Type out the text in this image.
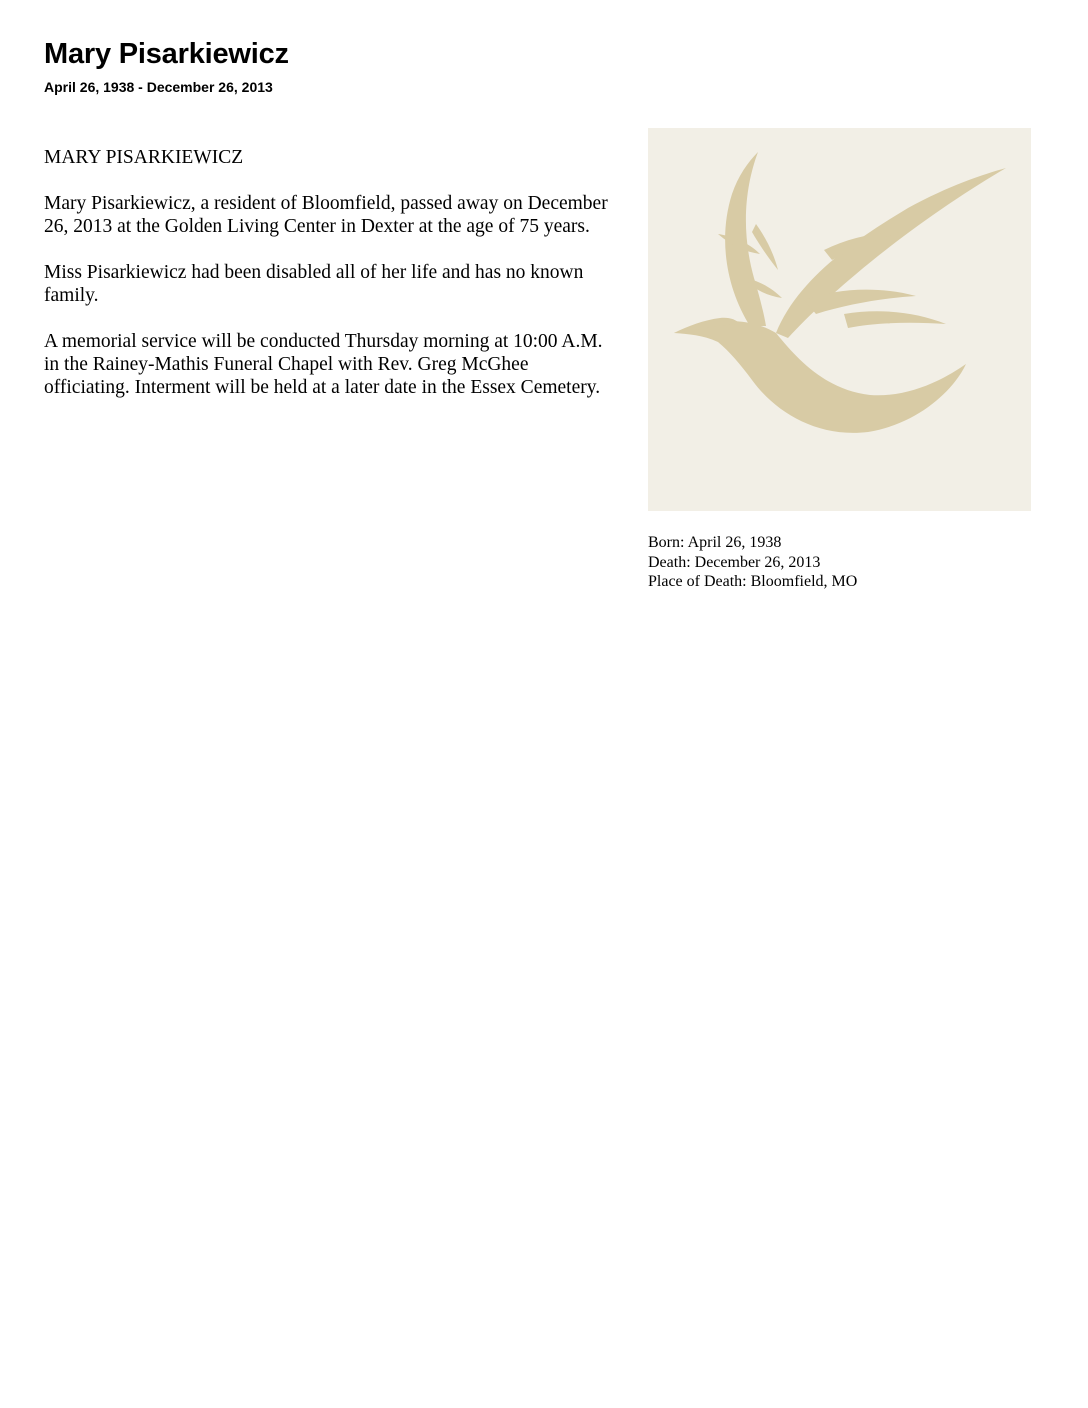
Mary Pisarkiewicz
April 26, 1938 - December 26, 2013

MARY PISARKIEWICZ

Mary Pisarkiewicz, a resident of Bloomfield, passed away on December 26, 2013 at the Golden Living Center in Dexter at the age of 75 years.

Miss Pisarkiewicz had been disabled all of her life and has no known family.

A memorial service will be conducted Thursday morning at 10:00 A.M. in the Rainey-Mathis Funeral Chapel with Rev. Greg McGhee officiating. Interment will be held at a later date in the Essex Cemetery.

Born: April 26, 1938
Death: December 26, 2013
Place of Death: Bloomfield, MO
